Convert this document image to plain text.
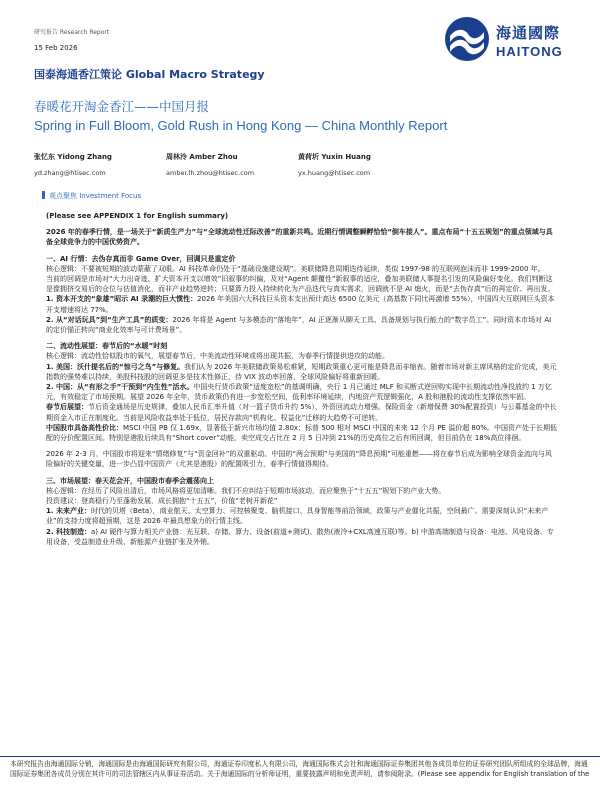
研究报告 Research Report
15 Feb 2026
海通國際
HAITONG
国泰海通香江策论 Global Macro Strategy
春暖花开淘金香江——中国月报
Spring in Full Bloom, Gold Rush in Hong Kong — China Monthly Report
张忆东 Yidong Zhang
yd.zhang@htisec.com
周林泠 Amber Zhou
amber.lh.zhou@htisec.com
黄荷圻 Yuxin Huang
yx.huang@htisec.com
观点聚焦 Investment Focus

(Please see APPENDIX 1 for English summary)

2026 年的春季行情，是一场关于“新质生产力”与“全球流动性迁际改善”的重新共鸣。近期行情调整瞬孵恰恰“倒车接人”。重点布局“十五五规划”的重点领域与具备全球竞争力的中国优势资产。

一、AI 行情：去伪存真而非 Game Over，回调只是重定价

核心逻辑：不要被短期的波动蒙蔽了双眼。AI 科技革命仍处于“基础设施建设期”。美联储降息周期迭待延续，类似 1997-98 的互联网泡沫而非 1999-2000 年。

当前的回调是市场对“大力出奇迹、扩大资本开支以增效”旧叙事的纠偏，及对“Agent 颠覆性”新叙事的适应，叠加美联储人事提名引发的风险偏好变化。我们判断这是像拥挤交易后的仓位与估值消化，而非产业趋势逆转；只要算力投入持续转化为产品迭代与真实需求，回调就不是 AI 熄火，而是“去伪存真”后的再定价、再出发。

1. 资本开支的“象雄”昭示 AI 录潮的巨大惯性：2026 年美国六大科技巨头资本支出预计高达 6500 亿美元（高基数下同比再激增 55%），中国四大互联网巨头资本开支增速将达 77%。

2. 从“对话玩具”到“生产工具”的质变：2026 年将是 Agent 与多模态的“落地年”，AI 正逐渐从聊天工具、具备规划与执行能力的“数字员工”。同时资本市场对 AI 的定价锚正转向“商业化效率与可计费场景”。

二、流动性展望：春节后的“水暖”时刻

核心逻辑：流动性恰似股市的氧气，展望春节后，中美流动性环境或将出现共振，为春季行情提供进攻的动能。

1. 美国：沃什提名后的“惊弓之鸟”与修复。我们认为 2026 年美联储政策易松难紧，短期政策重心更可能是降息而非缩表。随着市场对新主席风格的定价完成，美元指数的强势难以持续，美股科技股的回调更多是技术性修正，待 VIX 波动率回落，全球风险偏好将重新回暖。

2. 中国：从“有形之手”干预到“内生性”活水。中国央行货币政策“适度宽松”的基调明确，央行 1 月已通过 MLF 和买断式逆回购实现中长期流动性净投放约 1 万亿元，有效稳定了市场预期。展望 2026 年全年，货币政策仍有进一步宽松空间，低利率环境延续，内地资产荒逻辑强化，A 股和港股的流动性支撑依然牢固。

春节后展望：节后资金通场是历史规律，叠加人民币汇率升值（对一篮子货币升约 5%），外资回流动力增强。保险资金（新增保费 30%配置投资）与公募基金的中长期资金入市正在制度化。当前是风险收益率处于低位，居民存款向“机构化、权益化”迁移的大趋势不可逆转。

中国股市具备高性价比：MSCI 中国 PB 仅 1.69x，显著低于新兴市场均值 2.80x；标普 500 相对 MSCI 中国的未来 12 个月 PE 溢价超 80%。中国资产处于长期低配的分价配置区间。特别是港股后续具有“Short cover”动能，卖空成交占比在 2 月 5 日冲到 21%的历史高位之后有所回调，但目前仍在 18%高位徘徊。

2026 年 2-3 月，中国股市将迎来“情绪修复”与“资金回补”的双重驱动。中国的“两会预期”与美国的“降息预期”可能重燃——将在春节后成为影响全球资金流向与风险偏好的关键变量，进一步凸显中国资产（尤其是港股）的配置吸引力，春季行情值得期待。

三、市场展望：春天花会开，中国股市春季会震荡向上

核心逻辑：在经历了风险出清后，市场风格将更加清晰。我们不应纠结于短期市场波动，而应聚焦于“十五五”规划下的产业大势。

投资建议：登高稳行乃至蓬勃发展，成长拥抱“十五五”，价值“老树开新花”

1. 未来产业：时代的贝塔（Beta），商业航天、太空算力、可控核聚变、脑机接口、具身智能等前沿领域，政策与产业催化共振，空间最广。需要深刻认识“未来产业”的支持力度将超预期，这是 2026 年最具想象力的行情主线。

2. 科技制造：a) AI 硬件与算力相关产业链：光互联、存储、算力、设备(前道+测试)、散热(液冷+CXL高速互联)等。b) 中游高端制造与设备：电池、风电设备、专用设备，受益制造业升级、新能源产业链扩张及外销。

本研究报告由海通国际分销，海通国际是由海通国际研究有限公司，海通证券印度私人有限公司，海通国际株式会社和海通国际证券集团其他各成员单位的证券研究团队所组成的全球品牌，海通国际证券集团各成员分别在其许可的司法管辖区内从事证券活动。关于海通国际的分析师证明，重要披露声明和免责声明，请参阅附录。(Please see appendix for English translation of the
